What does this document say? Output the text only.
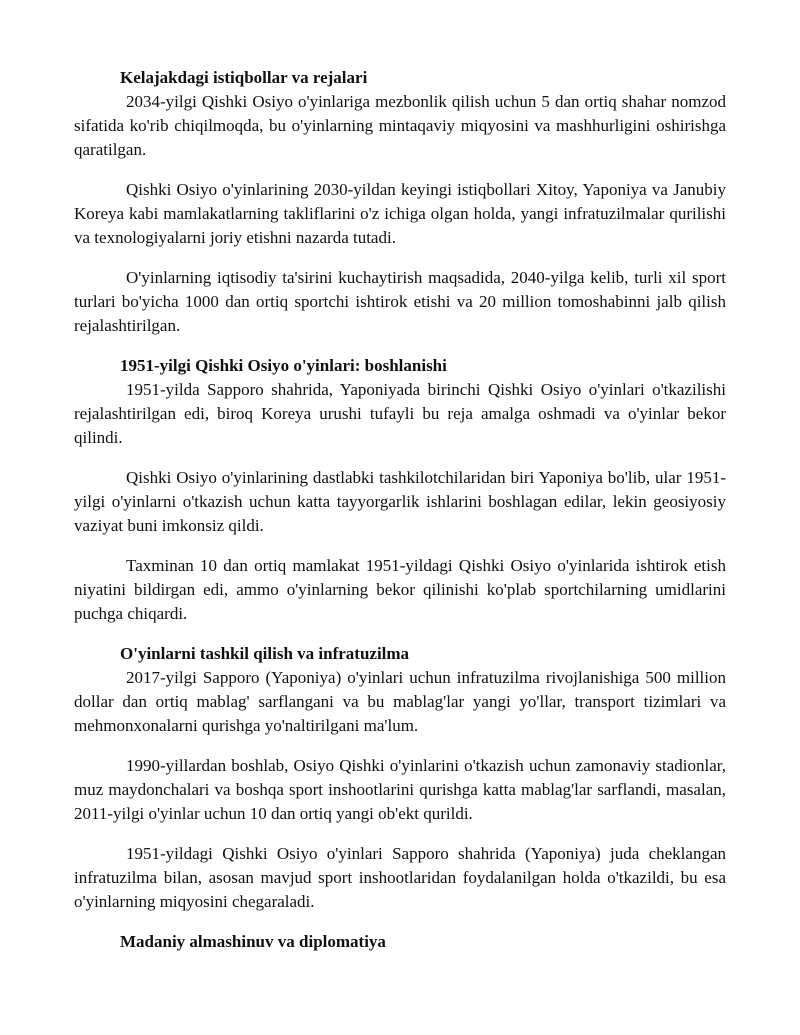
Kelajakdagi istiqbollar va rejalari

2034-yilgi Qishki Osiyo o'yinlariga mezbonlik qilish uchun 5 dan ortiq shahar nomzod sifatida ko'rib chiqilmoqda, bu o'yinlarning mintaqaviy miqyosini va mashhurligini oshirishga qaratilgan.

Qishki Osiyo o'yinlarining 2030-yildan keyingi istiqbollari Xitoy, Yaponiya va Janubiy Koreya kabi mamlakatlarning takliflarini o'z ichiga olgan holda, yangi infratuzilmalar qurilishi va texnologiyalarni joriy etishni nazarda tutadi.

O'yinlarning iqtisodiy ta'sirini kuchaytirish maqsadida, 2040-yilga kelib, turli xil sport turlari bo'yicha 1000 dan ortiq sportchi ishtirok etishi va 20 million tomoshabinni jalb qilish rejalashtirilgan.

1951-yilgi Qishki Osiyo o'yinlari: boshlanishi

1951-yilda Sapporo shahrida, Yaponiyada birinchi Qishki Osiyo o'yinlari o'tkazilishi rejalashtirilgan edi, biroq Koreya urushi tufayli bu reja amalga oshmadi va o'yinlar bekor qilindi.

Qishki Osiyo o'yinlarining dastlabki tashkilotchilaridan biri Yaponiya bo'lib, ular 1951-yilgi o'yinlarni o'tkazish uchun katta tayyorgarlik ishlarini boshlagan edilar, lekin geosiyosiy vaziyat buni imkonsiz qildi.

Taxminan 10 dan ortiq mamlakat 1951-yildagi Qishki Osiyo o'yinlarida ishtirok etish niyatini bildirgan edi, ammo o'yinlarning bekor qilinishi ko'plab sportchilarning umidlarini puchga chiqardi.

O'yinlarni tashkil qilish va infratuzilma

2017-yilgi Sapporo (Yaponiya) o'yinlari uchun infratuzilma rivojlanishiga 500 million dollar dan ortiq mablag' sarflangani va bu mablag'lar yangi yo'llar, transport tizimlari va mehmonxonalarni qurishga yo'naltirilgani ma'lum.

1990-yillardan boshlab, Osiyo Qishki o'yinlarini o'tkazish uchun zamonaviy stadionlar, muz maydonchalari va boshqa sport inshootlarini qurishga katta mablag'lar sarflandi, masalan, 2011-yilgi o'yinlar uchun 10 dan ortiq yangi ob'ekt qurildi.

1951-yildagi Qishki Osiyo o'yinlari Sapporo shahrida (Yaponiya) juda cheklangan infratuzilma bilan, asosan mavjud sport inshootlaridan foydalanilgan holda o'tkazildi, bu esa o'yinlarning miqyosini chegaraladi.

Madaniy almashinuv va diplomatiya
